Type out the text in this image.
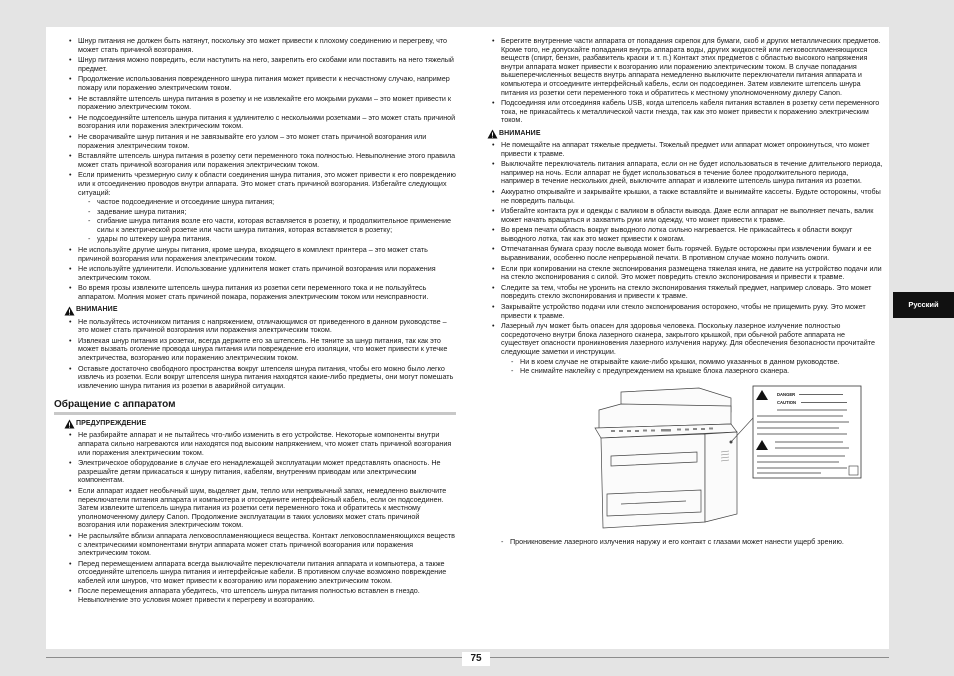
75
Русский
• Шнур питания не должен быть натянут, поскольку это может привести к плохому соединению и перегреву, что может стать причиной возгорания.
• Шнур питания можно повредить, если наступить на него, закрепить его скобами или поставить на него тяжелый предмет.
• Продолжение использования поврежденного шнура питания может привести к несчастному случаю, например пожару или поражению электрическим током.
• Не вставляйте штепсель шнура питания в розетку и не извлекайте его мокрыми руками – это может привести к поражению электрическим током.
• Не подсоединяйте штепсель шнура питания к удлинителю с несколькими розетками – это может стать причиной возгорания или поражения электрическим током.
• Не сворачивайте шнур питания и не завязывайте его узлом – это может стать причиной возгорания или поражения электрическим током.
• Вставляйте штепсель шнура питания в розетку сети переменного тока полностью. Невыполнение этого правила может стать причиной возгорания или поражения электрическим током.
• Если применить чрезмерную силу к области соединения шнура питания, это может привести к его повреждению или к отсоединению проводов внутри аппарата. Это может стать причиной возгорания. Избегайте следующих ситуаций:
- частое подсоединение и отсоединие шнура питания;
- задевание шнура питания;
- сгибание шнура питания возле его части, которая вставляется в розетку, и продолжительное применение силы к электрической розетке или части шнура питания, которая вставляется в розетку;
- удары по штекеру шнура питания.
• Не используйте другие шнуры питания, кроме шнура, входящего в комплект принтера – это может стать причиной возгорания или поражения электрическим током.
• Не используйте удлинители. Использование удлинителя может стать причиной возгорания или поражения электрическим током.
• Во время грозы извлеките штепсель шнура питания из розетки сети переменного тока и не пользуйтесь аппаратом. Молния может стать причиной пожара, поражения электрическим током или неисправности.
ВНИМАНИЕ
• Не пользуйтесь источником питания с напряжением, отличающимся от приведенного в данном руководстве – это может стать причиной возгорания или поражения электрическим током.
• Извлекая шнур питания из розетки, всегда держите его за штепсель. Не тяните за шнур питания, так как это может вызвать оголение провода шнура питания или повреждение его изоляции, что может привести к утечке электричества, возгоранию или поражению электрическим током.
• Оставьте достаточно свободного пространства вокруг штепселя шнура питания, чтобы его можно было легко извлечь из розетки. Если вокруг штепселя шнура питания находятся какие-либо предметы, они могут помешать извлечению шнура питания из розетки в аварийной ситуации.
Обращение с аппаратом
ПРЕДУПРЕЖДЕНИЕ
• Не разбирайте аппарат и не пытайтесь что-либо изменить в его устройстве. Некоторые компоненты внутри аппарата сильно нагреваются или находятся под высоким напряжением, что может стать причиной возгорания или поражения электрическим током.
• Электрическое оборудование в случае его ненадлежащей эксплуатации может представлять опасность. Не разрешайте детям прикасаться к шнуру питания, кабелям, внутренним приводам или электрическим компонентам.
• Если аппарат издает необычный шум, выделяет дым, тепло или непривычный запах, немедленно выключите переключатели питания аппарата и компьютера и отсоедините интерфейсный кабель, если он подсоединен. Затем извлеките штепсель шнура питания из розетки сети переменного тока и обратитесь к местному уполномоченному дилеру Canon. Продолжение эксплуатации в таких условиях может стать причиной возгорания или поражения электрическим током.
• Не распыляйте вблизи аппарата легковоспламеняющиеся вещества. Контакт легковоспламеняющихся веществ с электрическими компонентами внутри аппарата может стать причиной возгорания или поражения электрическим током.
• Перед перемещением аппарата всегда выключайте переключатели питания аппарата и компьютера, а также отсоединяйте штепсель шнура питания и интерфейсные кабели. В противном случае возможно повреждение кабелей или шнуров, что может привести к возгоранию или поражению электрическим током.
• После перемещения аппарата убедитесь, что штепсель шнура питания полностью вставлен в гнездо. Невыполнение это условия может привести к перегреву и возгоранию.
• Берегите внутренние части аппарата от попадания скрепок для бумаги, скоб и других металлических предметов. Кроме того, не допускайте попадания внутрь аппарата воды, других жидкостей или легковоспламеняющихся веществ (спирт, бензин, разбавитель краски и т. п.) Контакт этих предметов с областью высокого напряжения внутри аппарата может привести к возгоранию или поражению электрическим током. В случае попадания вышеперечисленных веществ внутрь аппарата немедленно выключите переключатели питания аппарата и компьютера и отсоедините интерфейсный кабель, если он подсоединен. Затем извлеките штепсель шнура питания из розетки сети переменного тока и обратитесь к местному уполномоченному дилеру Canon.
• Подсоединяя или отсоединяя кабель USB, когда штепсель кабеля питания вставлен в розетку сети переменного тока, не прикасайтесь к металлической части гнезда, так как это может привести к поражению электрическим током.
ВНИМАНИЕ
• Не помещайте на аппарат тяжелые предметы. Тяжелый предмет или аппарат может опрокинуться, что может привести к травме.
• Выключайте переключатель питания аппарата, если он не будет использоваться в течение длительного периода, например на ночь. Если аппарат не будет использоваться в течение более продолжительного периода, например в течение нескольких дней, выключите аппарат и извлеките штепсель шнура питания из розетки.
• Аккуратно открывайте и закрывайте крышки, а также вставляйте и вынимайте кассеты. Будьте осторожны, чтобы не повредить пальцы.
• Избегайте контакта рук и одежды с валиком в области вывода. Даже если аппарат не выполняет печать, валик может начать вращаться и захватить руки или одежду, что может привести к травме.
• Во время печати область вокруг выводного лотка сильно нагревается. Не прикасайтесь к области вокруг выводного лотка, так как это может привести к ожогам.
• Отпечатанная бумага сразу после вывода может быть горячей. Будьте осторожны при извлечении бумаги и ее выравнивании, особенно после непрерывной печати. В противном случае можно получить ожоги.
• Если при копировании на стекле экспонирования размещена тяжелая книга, не давите на устройство подачи или на стекло экспонирования с силой. Это может повредить стекло экспонирования и привести к травме.
• Следите за тем, чтобы не уронить на стекло экспонирования тяжелый предмет, например словарь. Это может повредить стекло экспонирования и привести к травме.
• Закрывайте устройство подачи или стекло экспонирования осторожно, чтобы не прищемить руку. Это может привести к травме.
• Лазерный луч может быть опасен для здоровья человека. Поскольку лазерное излучение полностью сосредоточено внутри блока лазерного сканера, закрытого крышкой, при обычной работе аппарата не существует опасности проникновения лазерного излучения наружу. Для обеспечения безопасности прочитайте следующие заметки и инструкции.
- Ни в коем случае не открывайте какие-либо крышки, помимо указанных в данном руководстве.
- Не снимайте наклейку с предупреждением на крышке блока лазерного сканера.
DANGER
CAUTION
- Проникновение лазерного излучения наружу и его контакт с глазами может нанести ущерб зрению.
